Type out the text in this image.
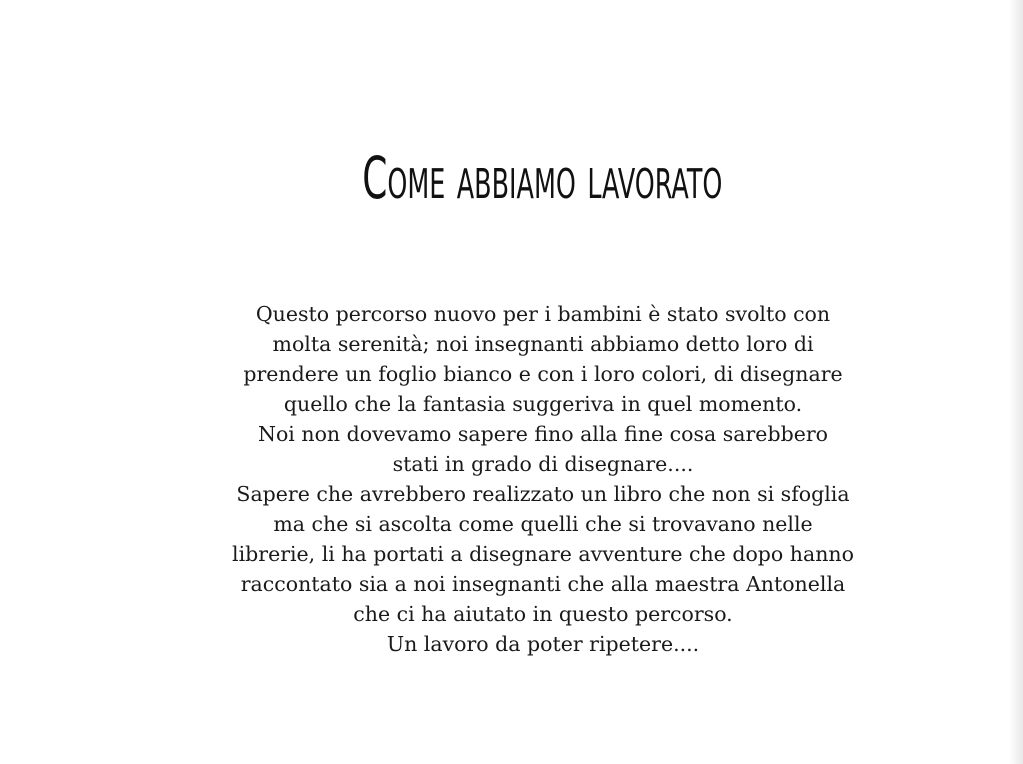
Come abbiamo lavorato
Questo percorso nuovo per i bambini è stato svolto con
molta serenità; noi insegnanti abbiamo detto loro di
prendere un foglio bianco e con i loro colori, di disegnare
quello che la fantasia suggeriva in quel momento.
Noi non dovevamo sapere fino alla fine cosa sarebbero
stati in grado di disegnare....
Sapere che avrebbero realizzato un libro che non si sfoglia
ma che si ascolta come quelli che si trovavano nelle
librerie, li ha portati a disegnare avventure che dopo hanno
raccontato sia a noi insegnanti che alla maestra Antonella
che ci ha aiutato in questo percorso.
Un lavoro da poter ripetere....
